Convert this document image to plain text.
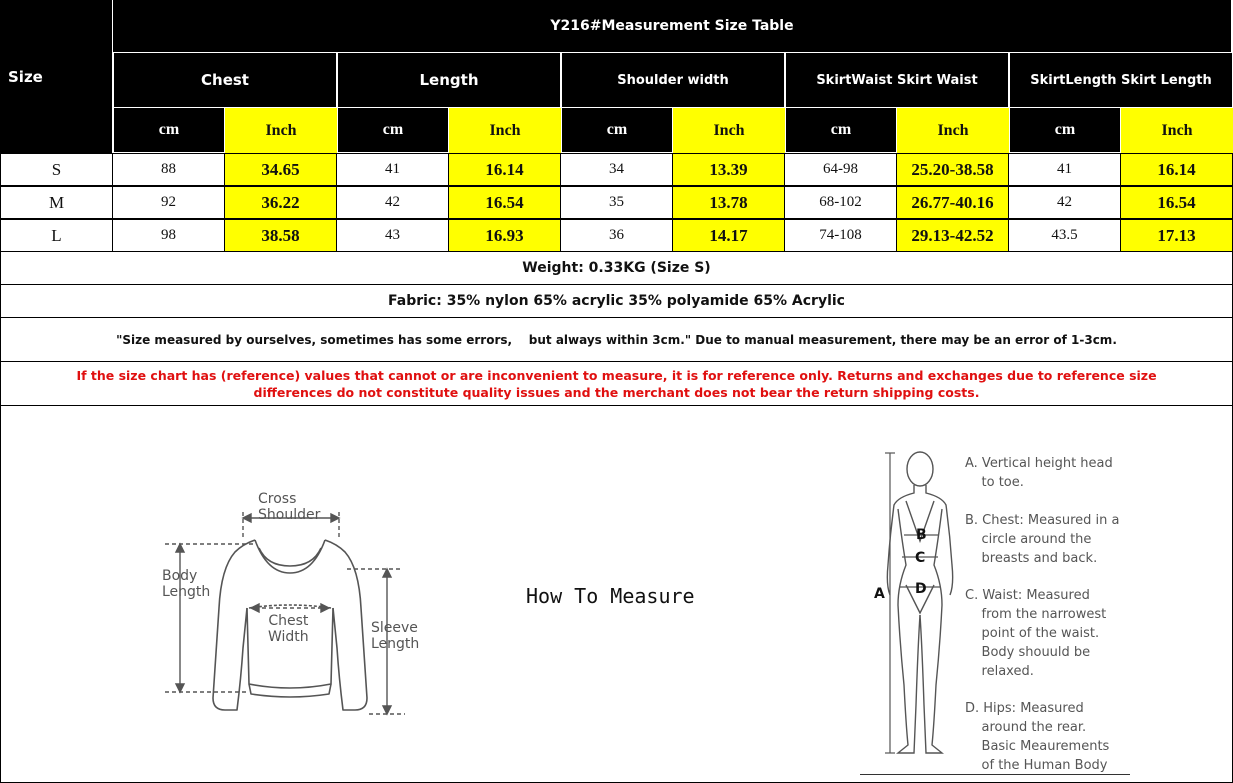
Size
Y216#Measurement Size Table
Chest
cm	Inch
Length
cm	Inch
Shoulder width
cm	Inch
SkirtWaist Skirt Waist
cm	Inch
SkirtLength Skirt Length
cm	Inch
S	88	34.65	41	16.14	34	13.39	64-98	25.20-38.58	41	16.14
M	92	36.22	42	16.54	35	13.78	68-102	26.77-40.16	42	16.54
L	98	38.58	43	16.93	36	14.17	74-108	29.13-42.52	43.5	17.13
Weight: 0.33KG (Size S)
Fabric: 35% nylon 65% acrylic 35% polyamide 65% Acrylic
"Size measured by ourselves, sometimes has some errors,    but always within 3cm." Due to manual measurement, there may be an error of 1-3cm.
If the size chart has (reference) values that cannot or are inconvenient to measure, it is for reference only. Returns and exchanges due to reference size differences do not constitute quality issues and the merchant does not bear the return shipping costs.
Cross
Shoulder
Body
Length
Chest
Width
Sleeve
Length
How To Measure	A
B
C
D
A. Vertical height head
to toe.
B. Chest: Measured in a
circle around the
breasts and back.
C. Waist: Measured
from the narrowest
point of the waist.
Body shouuld be
relaxed.
D. Hips: Measured
around the rear.
Basic Meaurements
of the Human Body
